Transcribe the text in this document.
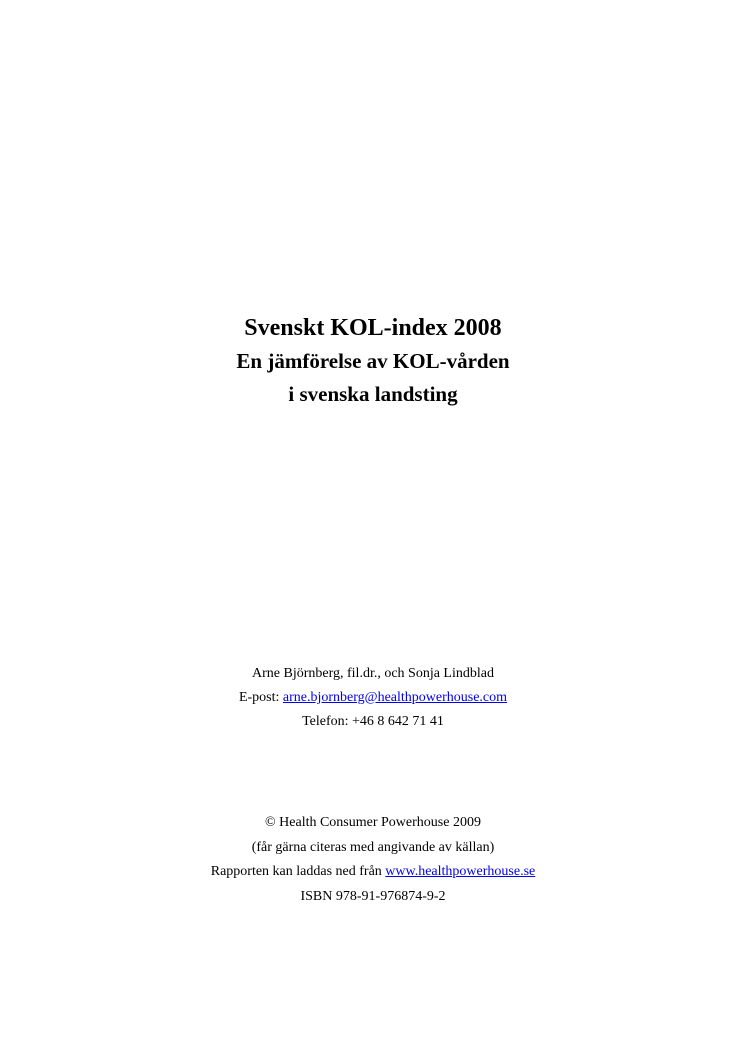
Svenskt KOL-index 2008

En jämförelse av KOL-vården

i svenska landsting

Arne Björnberg, fil.dr., och Sonja Lindblad

E-post: arne.bjornberg@healthpowerhouse.com

Telefon: +46 8 642 71 41

© Health Consumer Powerhouse 2009

(får gärna citeras med angivande av källan)

Rapporten kan laddas ned från www.healthpowerhouse.se

ISBN 978-91-976874-9-2
